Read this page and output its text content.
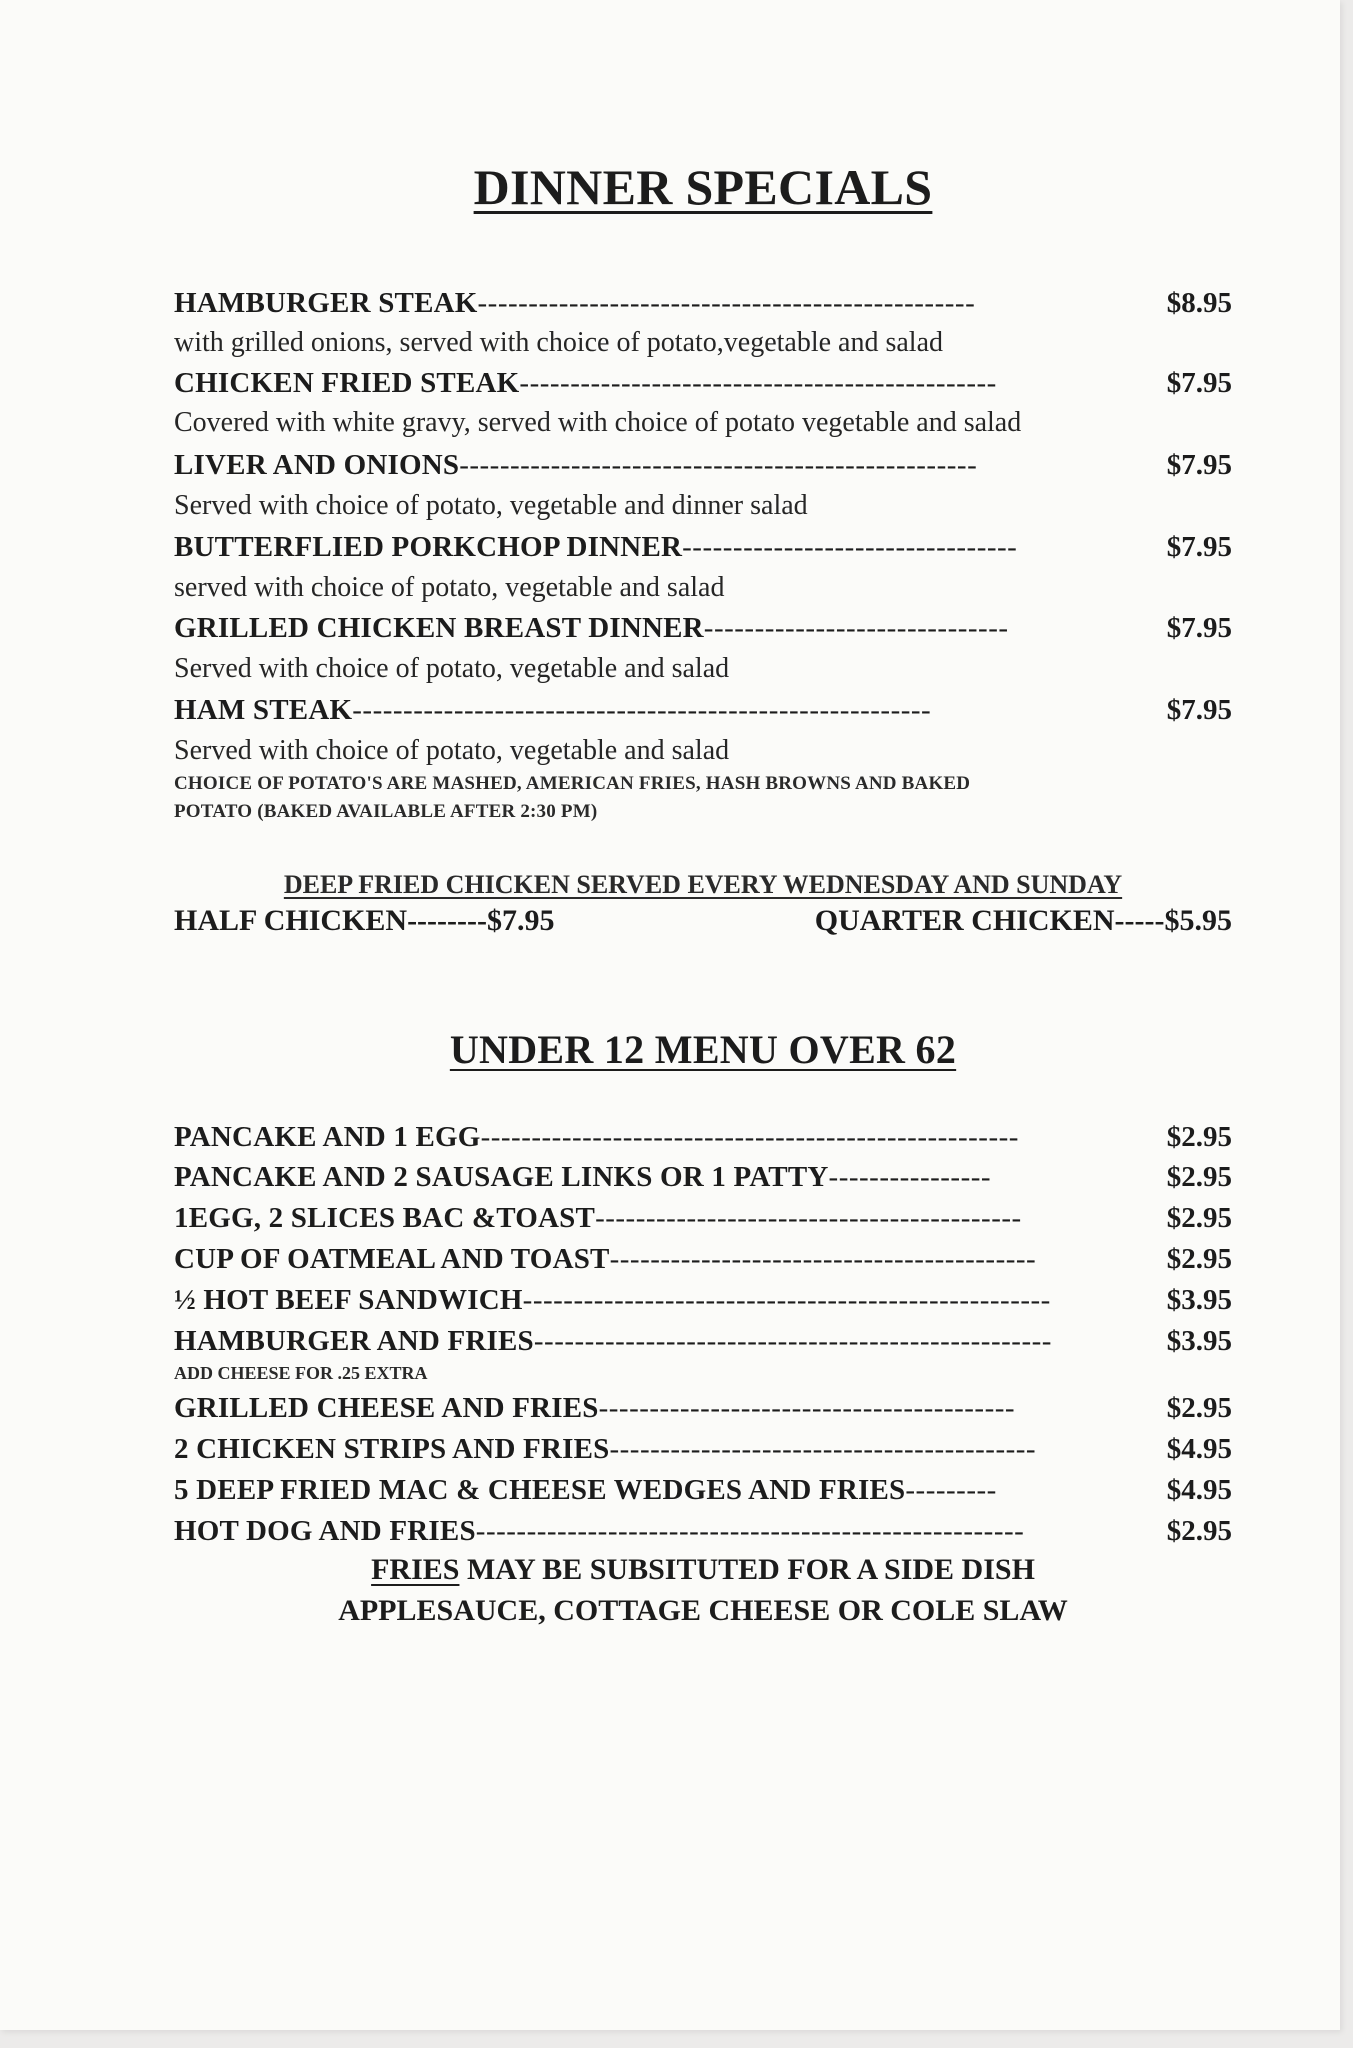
DINNER SPECIALS
HAMBURGER STEAK -------------------------------------------------	$8.95
with grilled onions, served with choice of potato,vegetable and salad
CHICKEN FRIED STEAK -----------------------------------------------	$7.95
Covered with white gravy, served with choice of potato vegetable and salad
LIVER AND ONIONS ---------------------------------------------------	$7.95
Served with choice of potato, vegetable and dinner salad
BUTTERFLIED PORKCHOP DINNER ---------------------------------	$7.95
served with choice of potato, vegetable and salad
GRILLED CHICKEN BREAST DINNER ------------------------------	$7.95
Served with choice of potato, vegetable and salad
HAM STEAK ---------------------------------------------------------	$7.95
Served with choice of potato, vegetable and salad
CHOICE OF POTATO'S ARE MASHED, AMERICAN FRIES, HASH BROWNS AND BAKED
POTATO (BAKED AVAILABLE AFTER 2:30 PM)
DEEP FRIED CHICKEN SERVED EVERY WEDNESDAY AND SUNDAY
HALF CHICKEN--------$7.95	QUARTER CHICKEN-----$5.95
UNDER 12 MENU OVER 62
PANCAKE AND 1 EGG -----------------------------------------------------	$2.95
PANCAKE AND 2 SAUSAGE LINKS OR 1 PATTY ----------------	$2.95
1EGG, 2 SLICES BAC &TOAST ------------------------------------------	$2.95
CUP OF OATMEAL AND TOAST ------------------------------------------	$2.95
½ HOT BEEF SANDWICH ----------------------------------------------------	$3.95
HAMBURGER AND FRIES ---------------------------------------------------	$3.95
ADD CHEESE FOR .25 EXTRA
GRILLED CHEESE AND FRIES -----------------------------------------	$2.95
2 CHICKEN STRIPS AND FRIES ------------------------------------------	$4.95
5 DEEP FRIED MAC & CHEESE WEDGES AND FRIES ---------	$4.95
HOT DOG AND FRIES ------------------------------------------------------	$2.95
FRIES MAY BE SUBSITUTED FOR A SIDE DISH
APPLESAUCE, COTTAGE CHEESE OR COLE SLAW
